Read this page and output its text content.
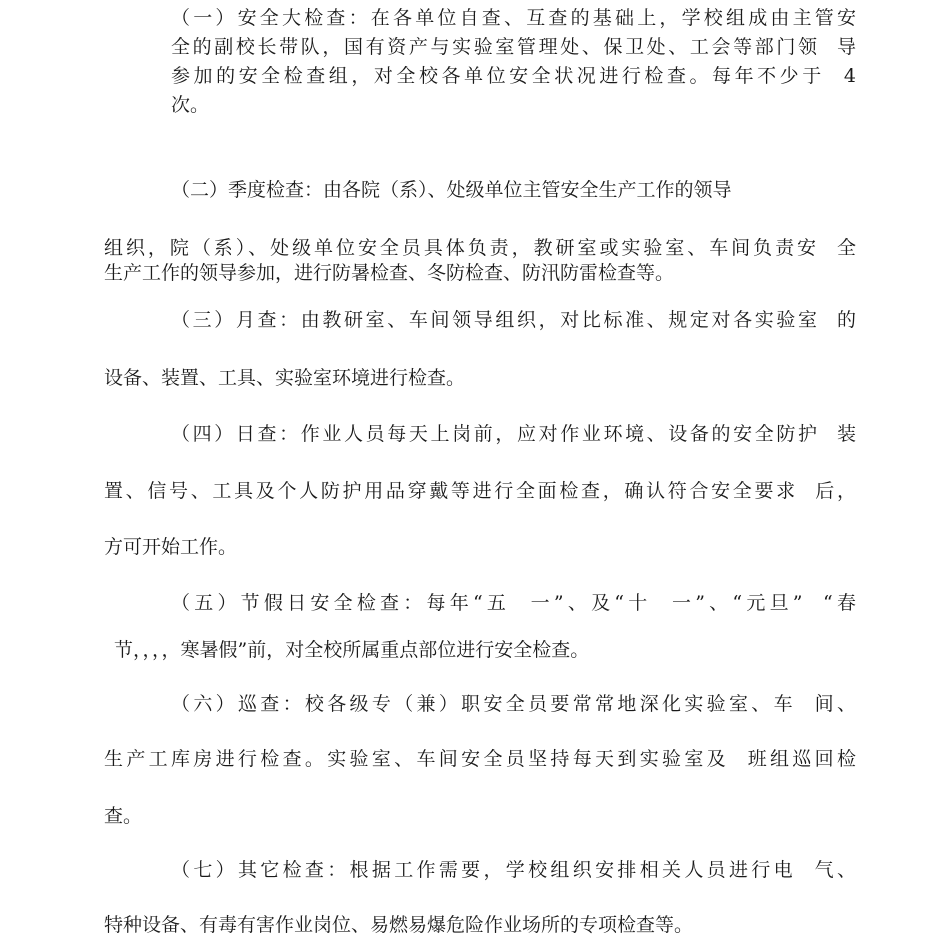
（一）安全大检查：在各单位自查、互查的基础上，学校组成由主管安
全的副校长带队，国有资产与实验室管理处、保卫处、工会等部门领  导
参加的安全检查组，对全校各单位安全状况进行检查。每年不少于  4
次。
（二）季度检查：由各院（系）、处级单位主管安全生产工作的领导
组织，院（系）、处级单位安全员具体负责，教研室或实验室、车间负责安  全
生产工作的领导参加，进行防暑检查、冬防检查、防汛防雷检查等。
（三）月查：由教研室、车间领导组织，对比标准、规定对各实验室  的
设备、装置、工具、实验室环境进行检查。
（四）日查：作业人员每天上岗前，应对作业环境、设备的安全防护  装
置、信号、工具及个人防护用品穿戴等进行全面检查，确认符合安全要求  后，
方可开始工作。
（五）节假日安全检查：每年“五  一”、及“十  一”、“元旦”  “春
节，，，，寒暑假”前，对全校所属重点部位进行安全检查。
（六）巡查：校各级专（兼）职安全员要常常地深化实验室、车  间、
生产工库房进行检查。实验室、车间安全员坚持每天到实验室及  班组巡回检
查。
（七）其它检查：根据工作需要，学校组织安排相关人员进行电  气、
特种设备、有毒有害作业岗位、易燃易爆危险作业场所的专项检查等。
